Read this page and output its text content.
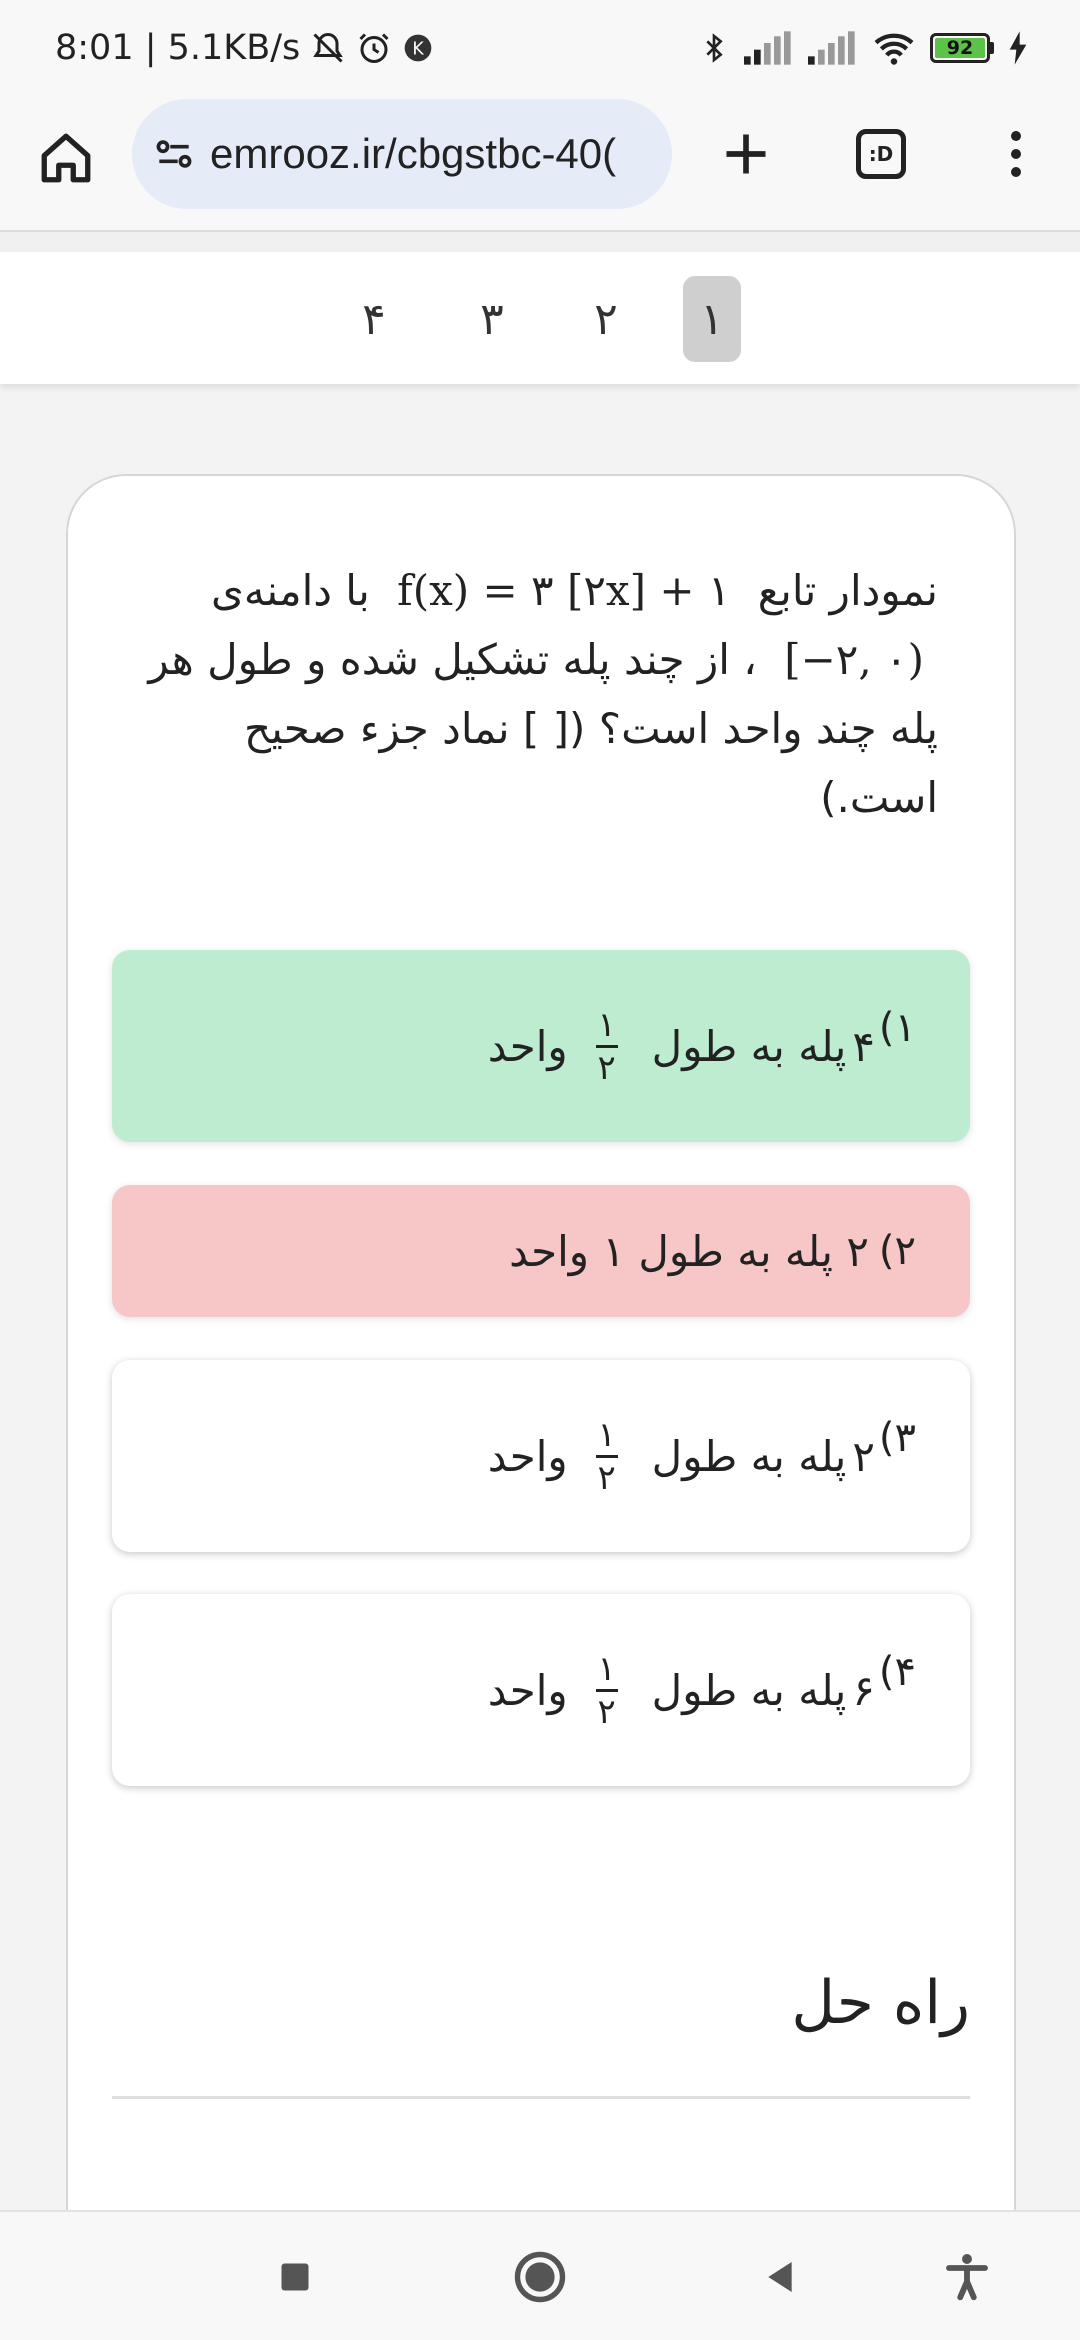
8:01 | 5.1KB/s	K	92
emrooz.ir/cbgstbc-40(	:D
۱
۲
۳
۴
نمودار تابع f(x) = ۳ [۲x] + ۱ با دامنه‌ی [−۲, ۰) ، از چند پله تشکیل شده و طول هر پله چند واحد است؟ ([ ] نماد جزء صحیح است.)
۱)
۴
پله به طول
$\frac{۱}{۲}$
واحد
۲)
۲ پله به طول ۱ واحد
۳)
۲
پله به طول
$\frac{۱}{۲}$
واحد
۴)
۶
پله به طول
$\frac{۱}{۲}$
واحد
راه حل
